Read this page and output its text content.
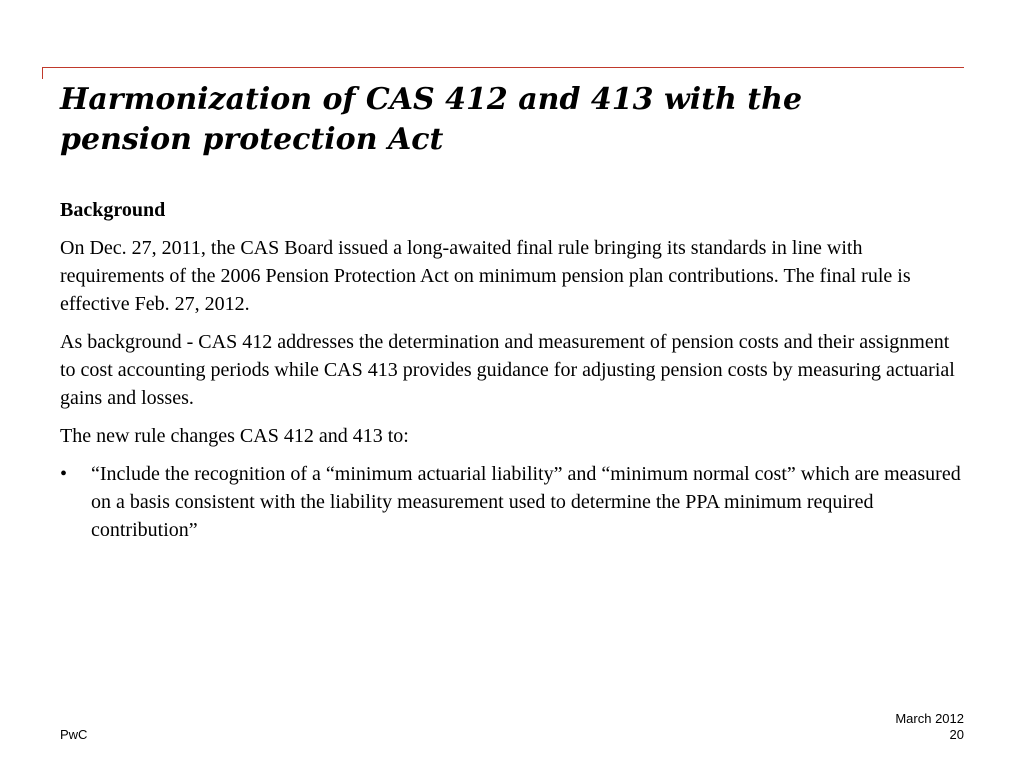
Harmonization of CAS 412 and 413 with the
pension protection Act

Background

On Dec. 27, 2011, the CAS Board issued a long-awaited final rule bringing its standards in line with requirements of the 2006 Pension Protection Act on minimum pension plan contributions. The final rule is effective Feb. 27, 2012.

As background - CAS 412 addresses the determination and measurement of pension costs and their assignment to cost accounting periods while CAS 413 provides guidance for adjusting pension costs by measuring actuarial gains and losses.

The new rule changes CAS 412 and 413 to:

• “Include the recognition of a “minimum actuarial liability” and “minimum normal cost” which are measured on a basis consistent with the liability measurement used to determine the PPA minimum required contribution”
PwC
March 2012
20
